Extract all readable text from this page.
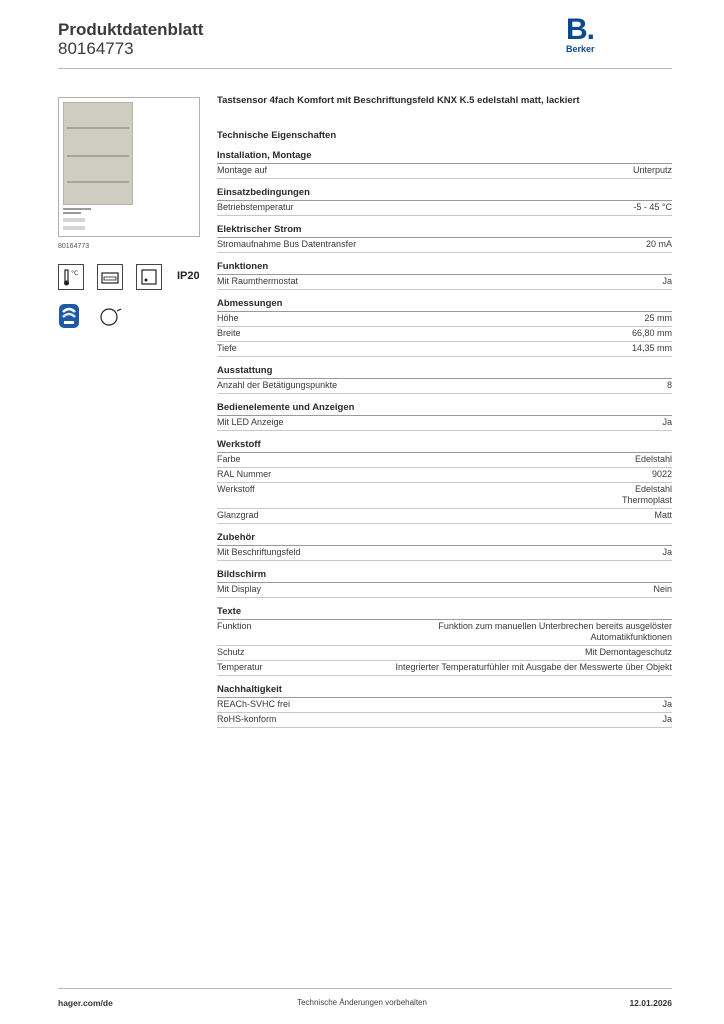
Produktdatenblatt
80164773
B.
Berker
80164773
°C	IP20
Tastsensor 4fach Komfort mit Beschriftungsfeld KNX K.5 edelstahl matt, lackiert
Technische Eigenschaften
Installation, Montage
Montage auf	Unterputz
Einsatzbedingungen
Betriebstemperatur	-5 - 45 °C
Elektrischer Strom
Stromaufnahme Bus Datentransfer	20 mA
Funktionen
Mit Raumthermostat	Ja
Abmessungen
Höhe	25 mm
Breite	66,80 mm
Tiefe	14,35 mm
Ausstattung
Anzahl der Betätigungspunkte	8
Bedienelemente und Anzeigen
Mit LED Anzeige	Ja
Werkstoff
Farbe	Edelstahl
RAL Nummer	9022
Werkstoff	Edelstahl
Thermoplast
Glanzgrad	Matt
Zubehör
Mit Beschriftungsfeld	Ja
Bildschirm
Mit Display	Nein
Texte
Funktion	Funktion zum manuellen Unterbrechen bereits ausgelöster
Automatikfunktionen
Schutz	Mit Demontageschutz
Temperatur	Integrierter Temperaturfühler mit Ausgabe der Messwerte über Objekt
Nachhaltigkeit
REACh-SVHC frei	Ja
RoHS-konform	Ja
hager.com/de	Technische Änderungen vorbehalten	12.01.2026
